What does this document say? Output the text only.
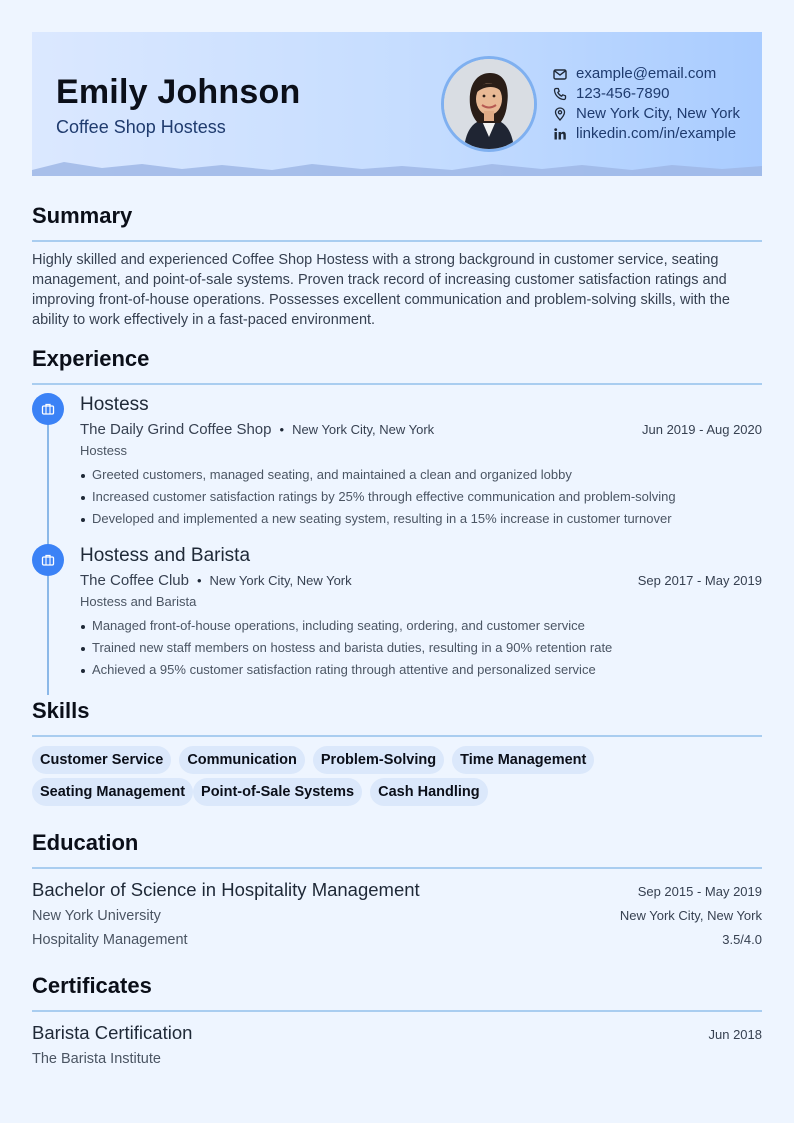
Emily Johnson
Coffee Shop Hostess
example@email.com
123-456-7890
New York City, New York
linkedin.com/in/example
Summary
Highly skilled and experienced Coffee Shop Hostess with a strong background in customer service, seating management, and point-of-sale systems. Proven track record of increasing customer satisfaction ratings and improving front-of-house operations. Possesses excellent communication and problem-solving skills, with the ability to work effectively in a fast-paced environment.
Experience
Hostess
The Daily Grind Coffee Shop • New York City, New York	Jun 2019 - Aug 2020
Hostess
Greeted customers, managed seating, and maintained a clean and organized lobby
Increased customer satisfaction ratings by 25% through effective communication and problem-solving
Developed and implemented a new seating system, resulting in a 15% increase in customer turnover
Hostess and Barista
The Coffee Club • New York City, New York	Sep 2017 - May 2019
Hostess and Barista
Managed front-of-house operations, including seating, ordering, and customer service
Trained new staff members on hostess and barista duties, resulting in a 90% retention rate
Achieved a 95% customer satisfaction rating through attentive and personalized service
Skills
Customer Service	Communication	Problem-Solving	Time Management
Seating Management	Point-of-Sale Systems	Cash Handling
Education
Bachelor of Science in Hospitality Management	Sep 2015 - May 2019
New York University	New York City, New York
Hospitality Management	3.5/4.0
Certificates
Barista Certification	Jun 2018
The Barista Institute
